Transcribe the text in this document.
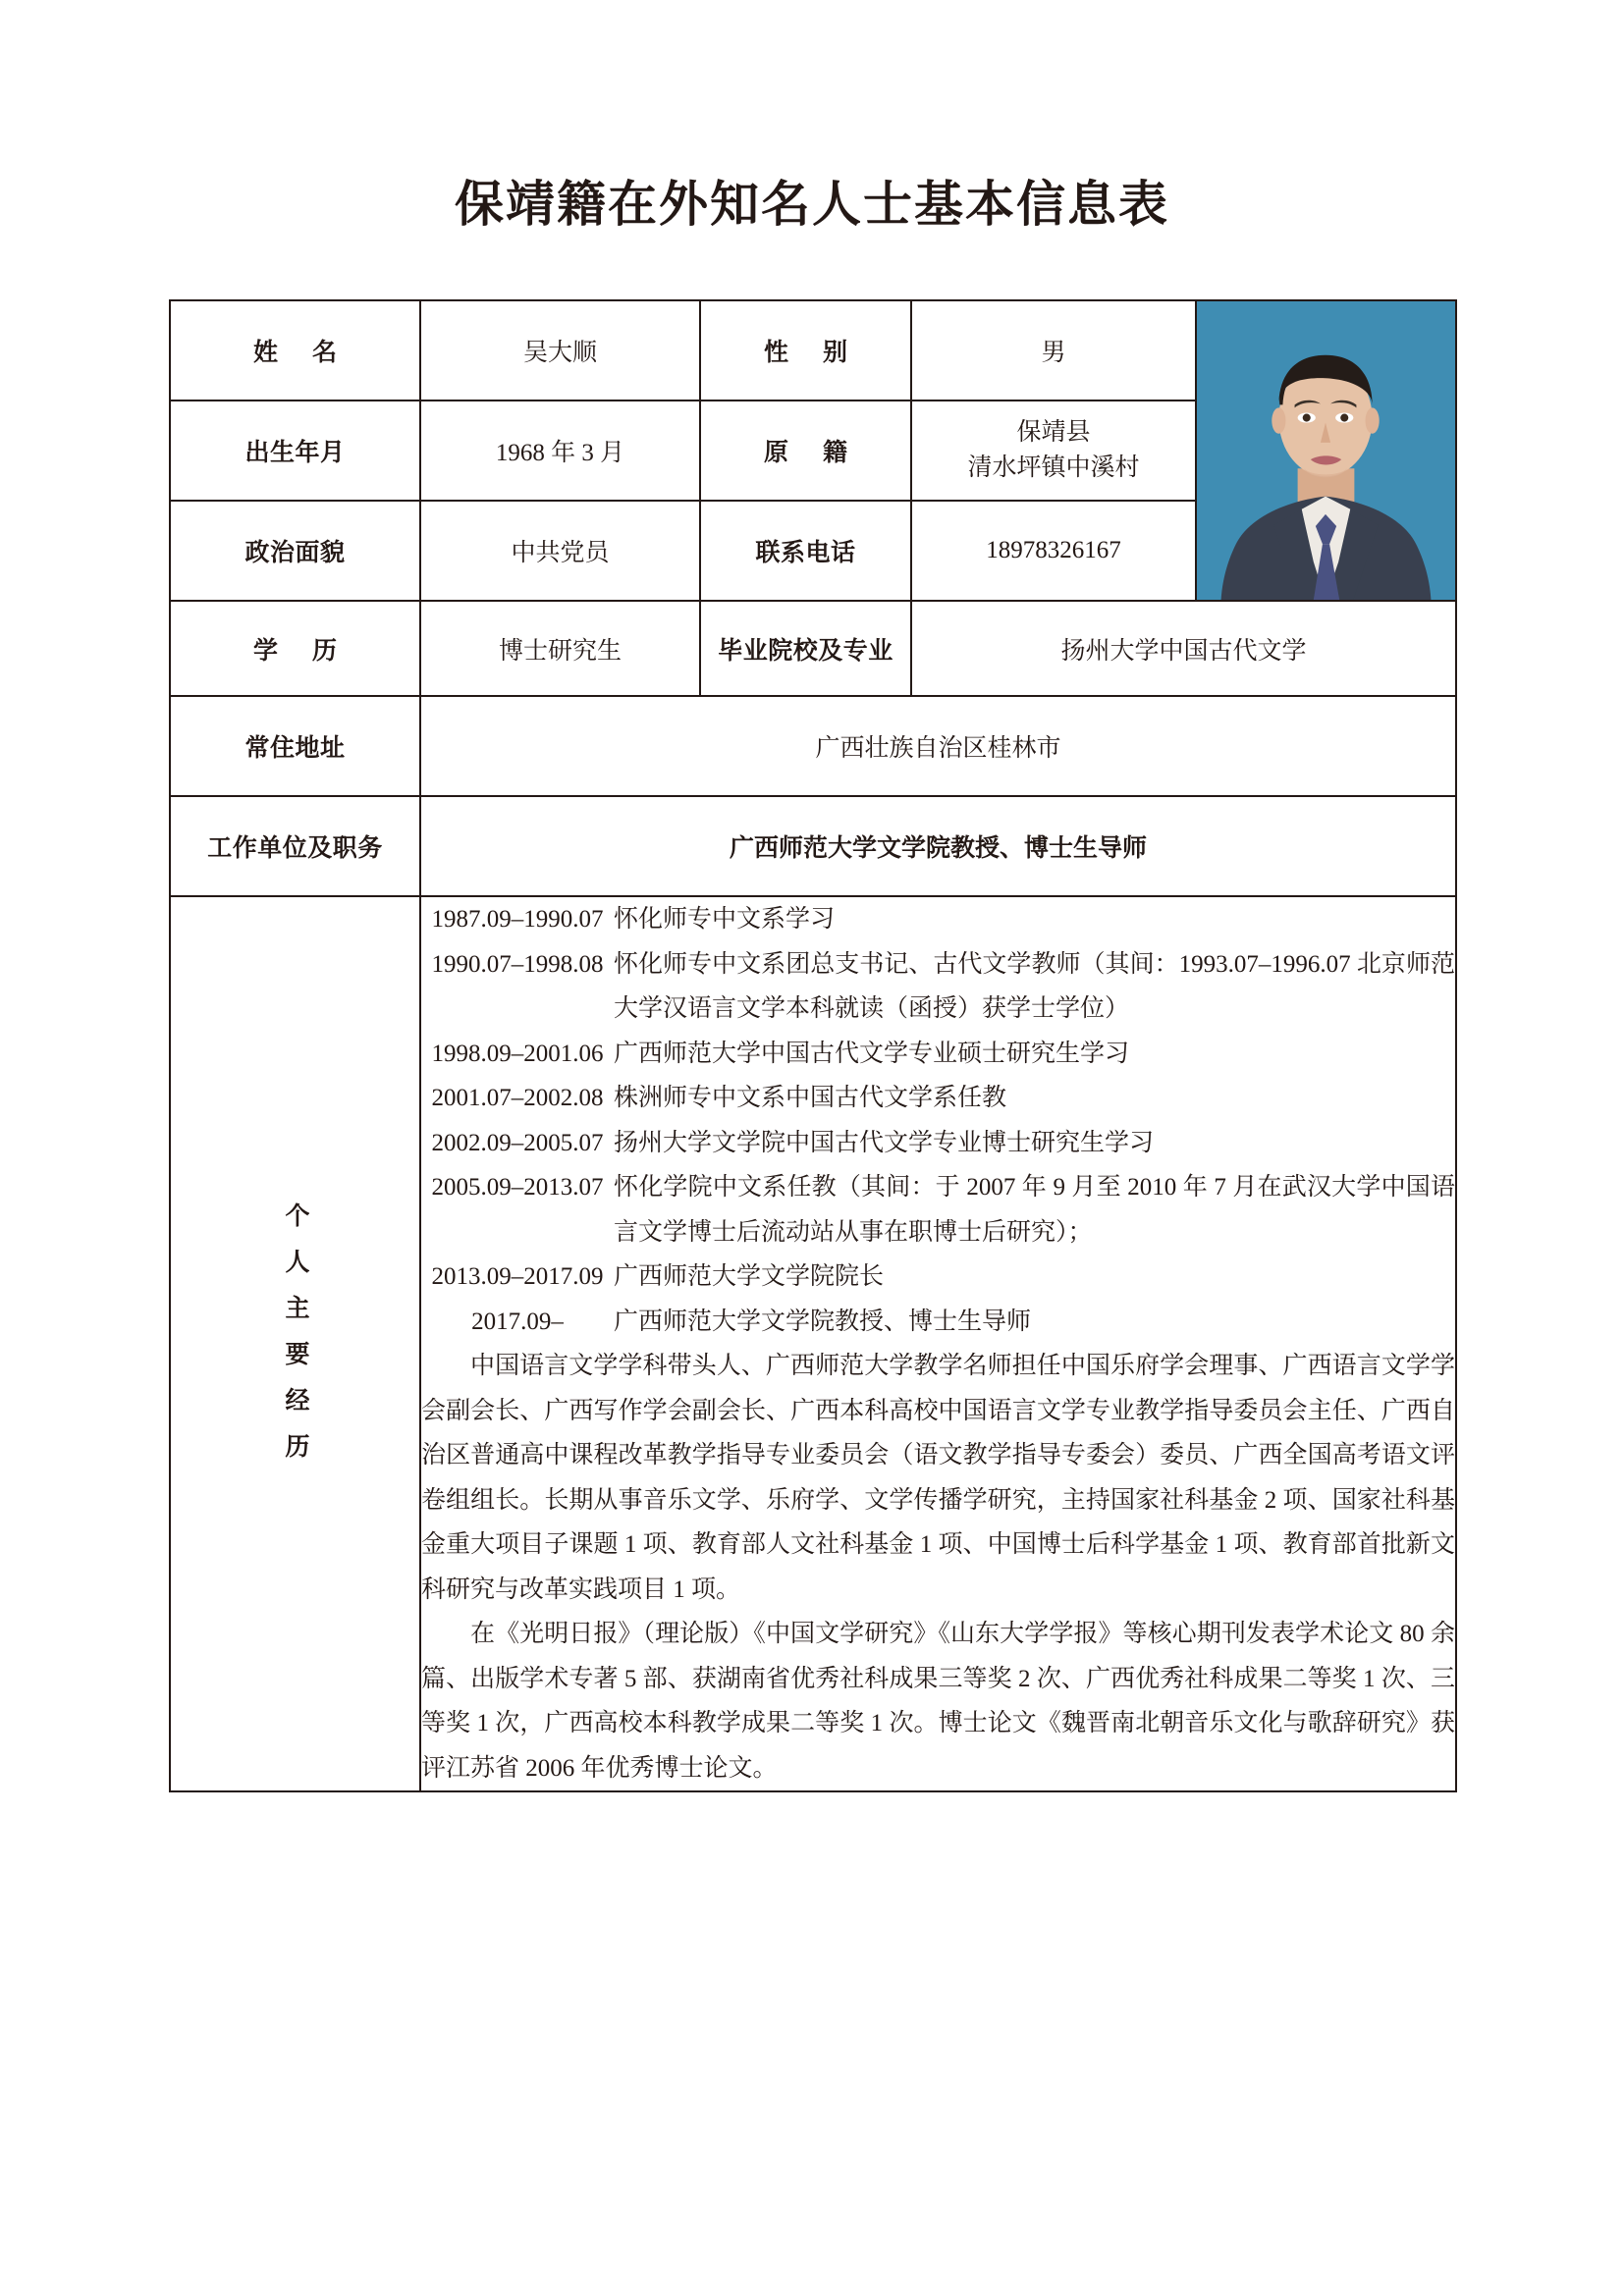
保靖籍在外知名人士基本信息表
姓 名	吴大顺	性 别	男	

出生年月	1968 年 3 月	原 籍	保靖县
清水坪镇中溪村	

政治面貌	中共党员	联系电话	18978326167	
学 历	博士研究生	毕业院校及专业	扬州大学中国古代文学	
常住地址	广西壮族自治区桂林市			
工作单位及职务	广西师范大学文学院教授、博士生导师			
个人主要经历	
1987.09–1990.07 怀化师专中文系学习
1990.07–1998.08 怀化师专中文系团总支书记、古代文学教师（其间：1993.07–1996.07 北京师范大学汉语言文学本科就读（函授）获学士学位）
1998.09–2001.06 广西师范大学中国古代文学专业硕士研究生学习
2001.07–2002.08 株洲师专中文系中国古代文学系任教
2002.09–2005.07 扬州大学文学院中国古代文学专业博士研究生学习
2005.09–2013.07 怀化学院中文系任教（其间：于 2007 年 9 月至 2010 年 7 月在武汉大学中国语言文学博士后流动站从事在职博士后研究）；
2013.09–2017.09 广西师范大学文学院院长
2017.09–	广西师范大学文学院教授、博士生导师

中国语言文学学科带头人、广西师范大学教学名师担任中国乐府学会理事、广西语言文学学会副会长、广西写作学会副会长、广西本科高校中国语言文学专业教学指导委员会主任、广西自治区普通高中课程改革教学指导专业委员会（语文教学指导专委会）委员、广西全国高考语文评卷组组长。长期从事音乐文学、乐府学、文学传播学研究，主持国家社科基金 2 项、国家社科基金重大项目子课题 1 项、教育部人文社科基金 1 项、中国博士后科学基金 1 项、教育部首批新文科研究与改革实践项目 1 项。

在《光明日报》（理论版）《中国文学研究》《山东大学学报》等核心期刊发表学术论文 80 余篇、出版学术专著 5 部、获湖南省优秀社科成果三等奖 2 次、广西优秀社科成果二等奖 1 次、三等奖 1 次，广西高校本科教学成果二等奖 1 次。博士论文《魏晋南北朝音乐文化与歌辞研究》获评江苏省 2006 年优秀博士论文。
